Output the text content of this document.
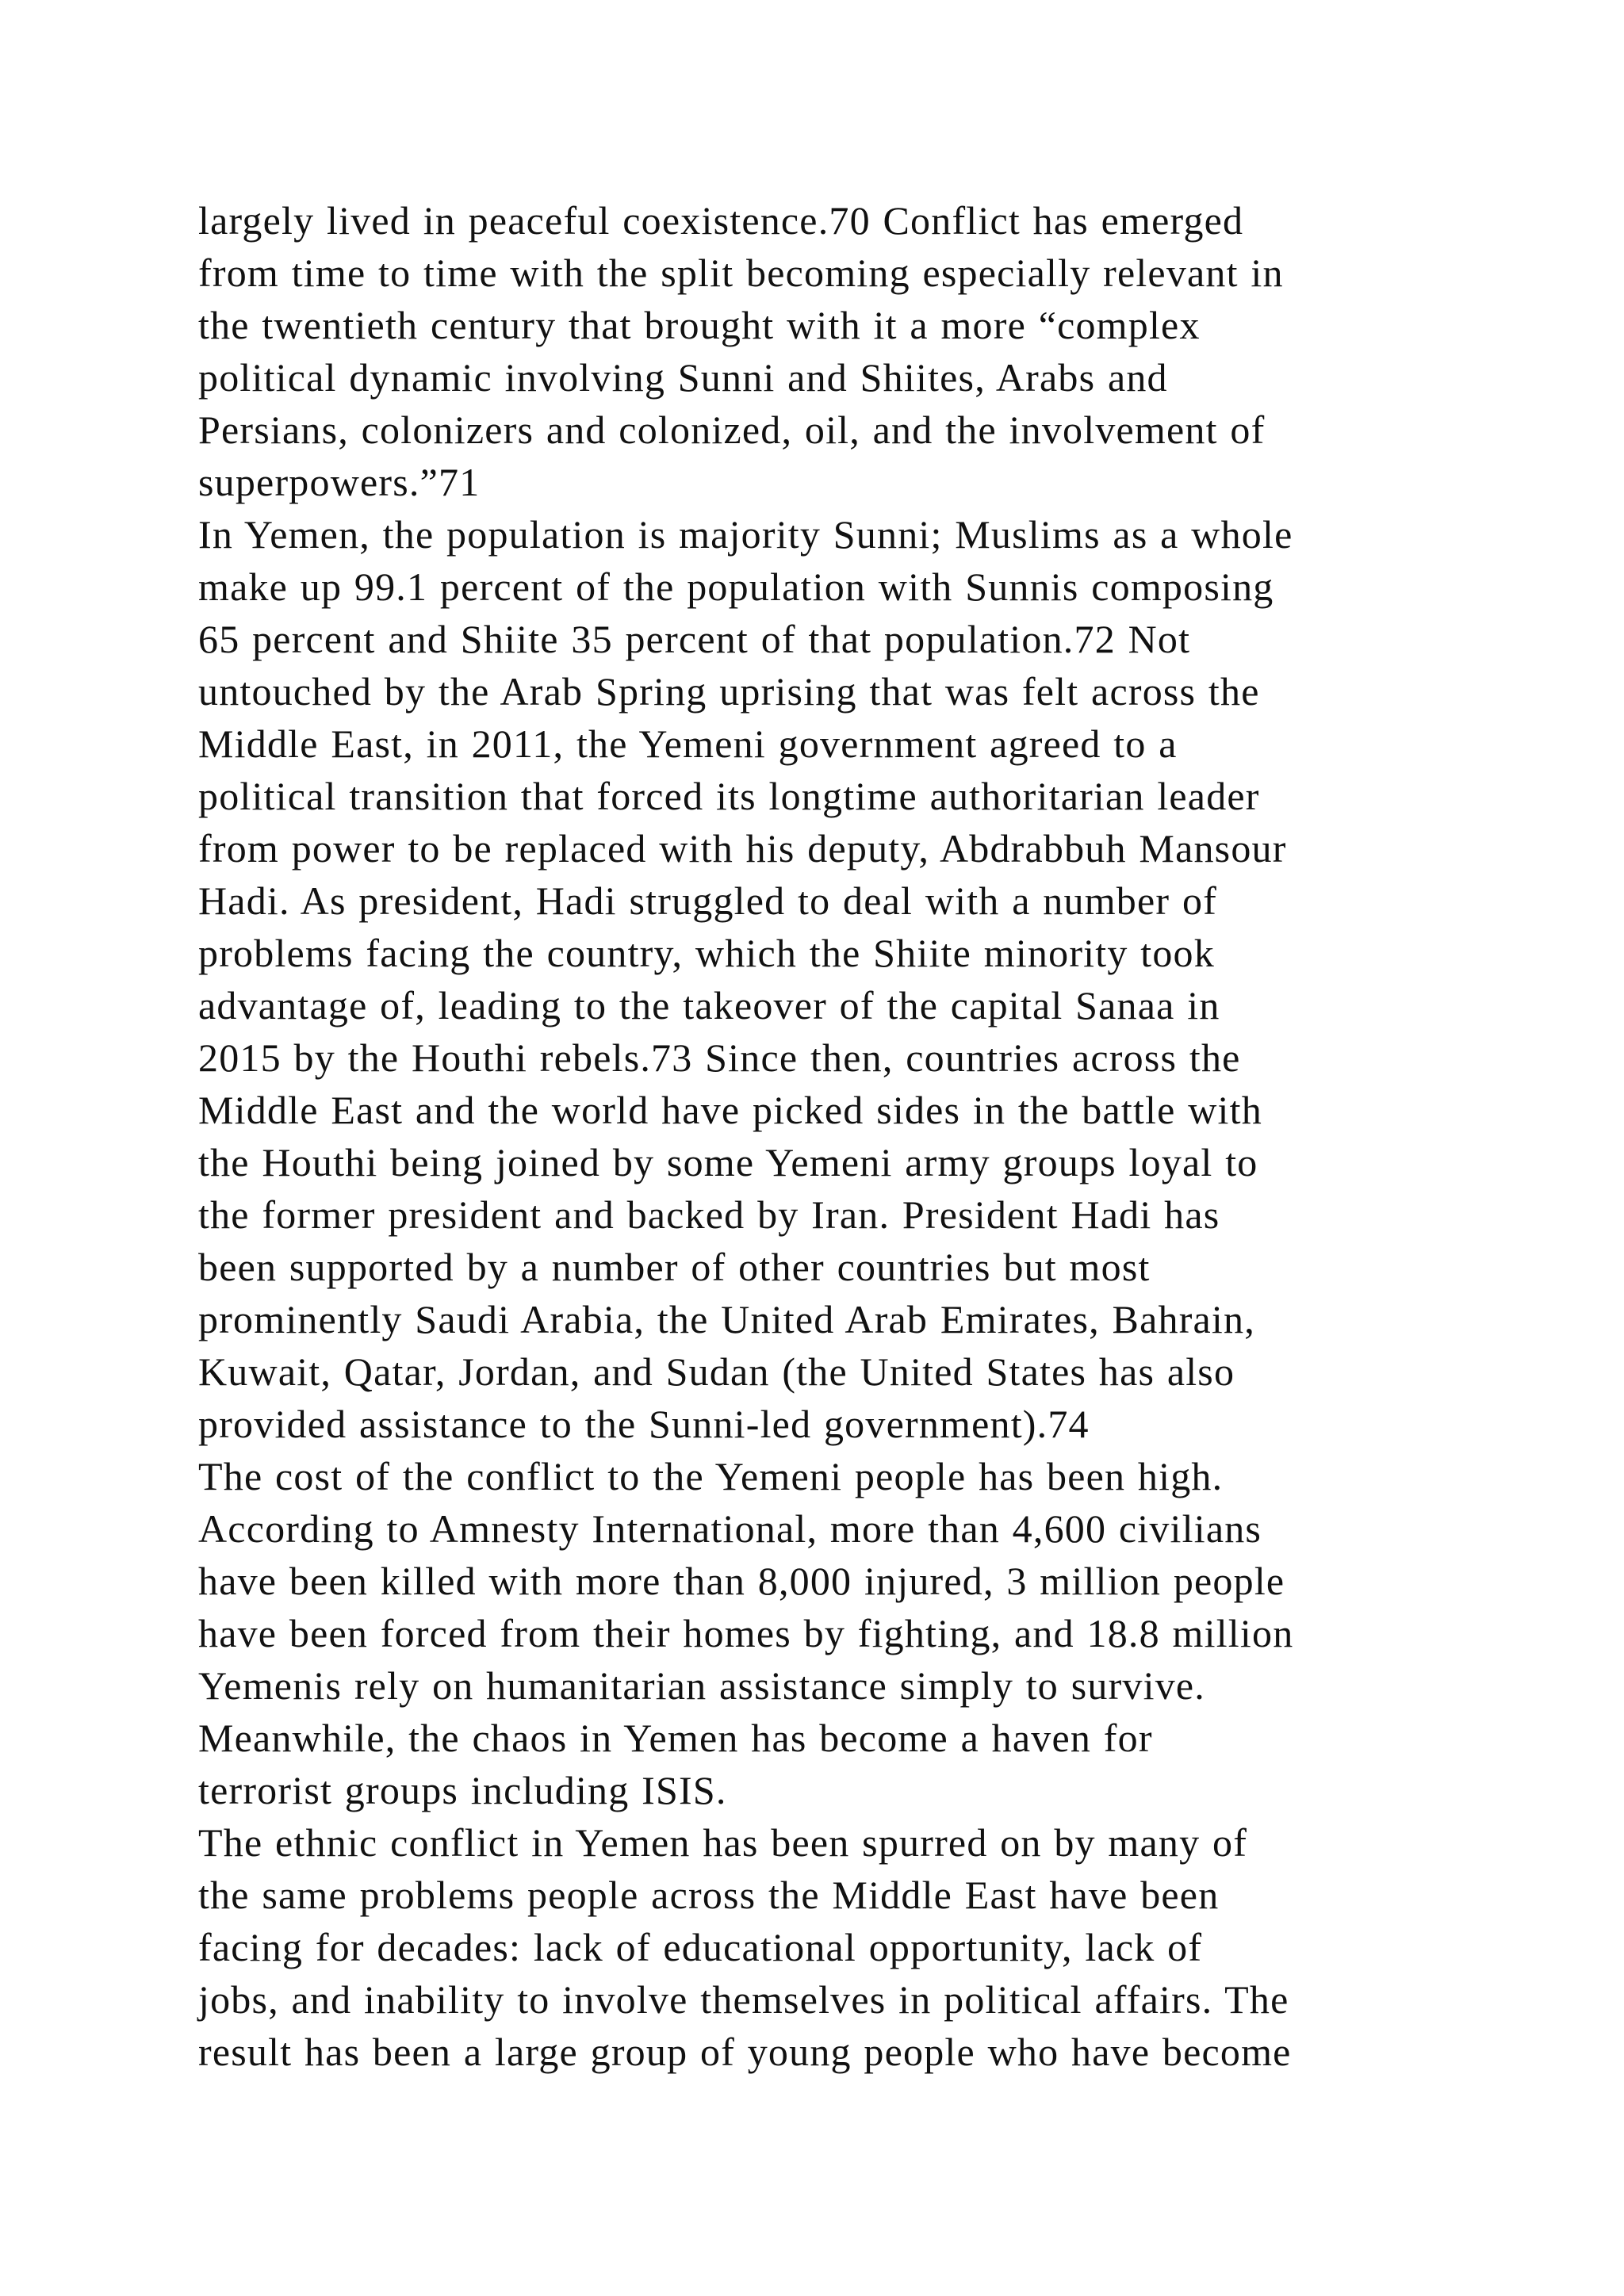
largely lived in peaceful coexistence.70 Conflict has emerged
from time to time with the split becoming especially relevant in
the twentieth century that brought with it a more “complex
political dynamic involving Sunni and Shiites, Arabs and
Persians, colonizers and colonized, oil, and the involvement of
superpowers.”71
In Yemen, the population is majority Sunni; Muslims as a whole
make up 99.1 percent of the population with Sunnis composing
65 percent and Shiite 35 percent of that population.72 Not
untouched by the Arab Spring uprising that was felt across the
Middle East, in 2011, the Yemeni government agreed to a
political transition that forced its longtime authoritarian leader
from power to be replaced with his deputy, Abdrabbuh Mansour
Hadi. As president, Hadi struggled to deal with a number of
problems facing the country, which the Shiite minority took
advantage of, leading to the takeover of the capital Sanaa in
2015 by the Houthi rebels.73 Since then, countries across the
Middle East and the world have picked sides in the battle with
the Houthi being joined by some Yemeni army groups loyal to
the former president and backed by Iran. President Hadi has
been supported by a number of other countries but most
prominently Saudi Arabia, the United Arab Emirates, Bahrain,
Kuwait, Qatar, Jordan, and Sudan (the United States has also
provided assistance to the Sunni-led government).74
The cost of the conflict to the Yemeni people has been high.
According to Amnesty International, more than 4,600 civilians
have been killed with more than 8,000 injured, 3 million people
have been forced from their homes by fighting, and 18.8 million
Yemenis rely on humanitarian assistance simply to survive.
Meanwhile, the chaos in Yemen has become a haven for
terrorist groups including ISIS.
The ethnic conflict in Yemen has been spurred on by many of
the same problems people across the Middle East have been
facing for decades: lack of educational opportunity, lack of
jobs, and inability to involve themselves in political affairs. The
result has been a large group of young people who have become
